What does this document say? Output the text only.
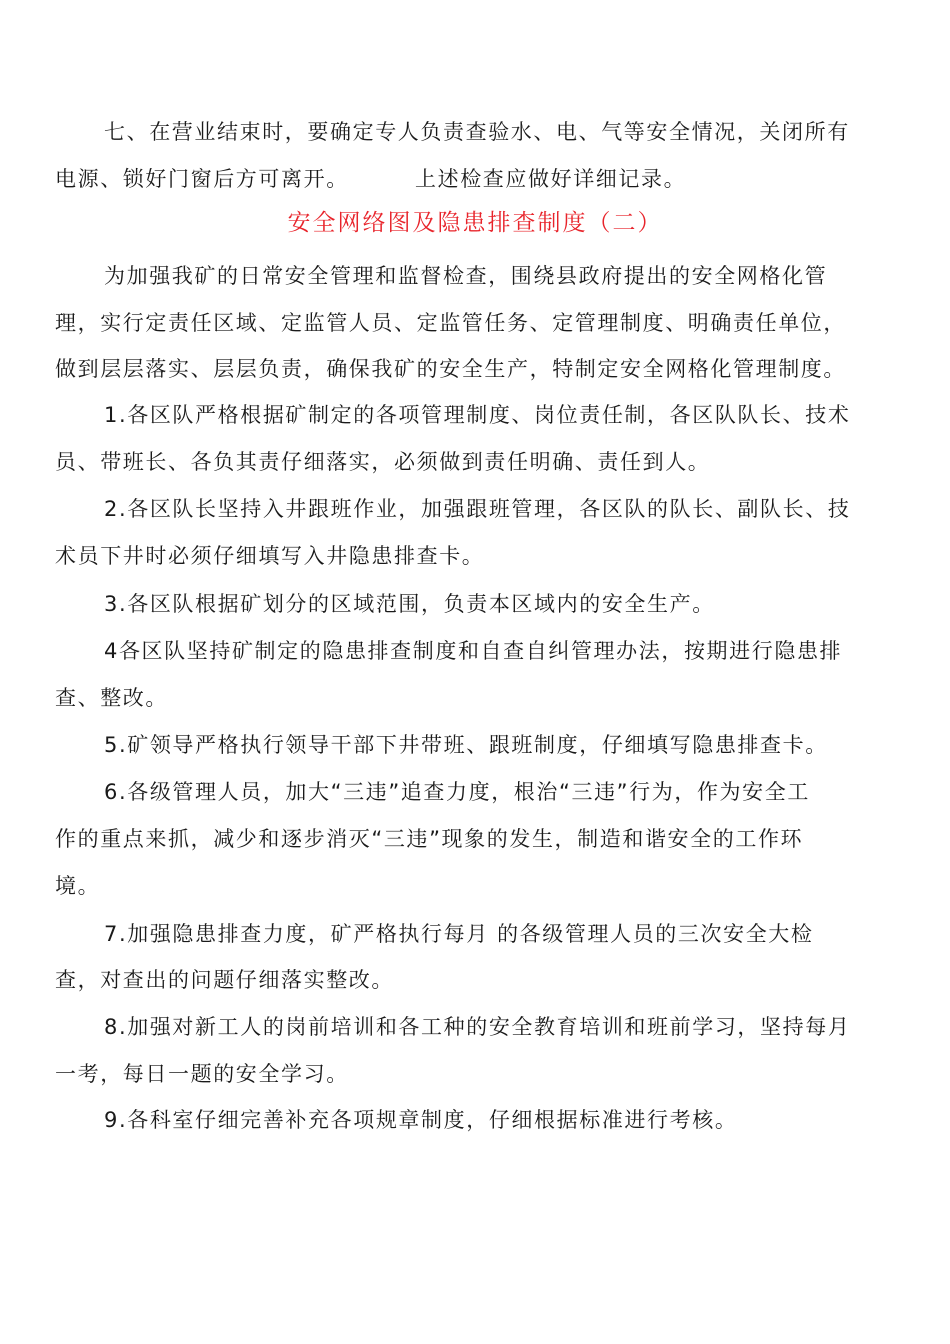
七、在营业结束时，要确定专人负责查验水、电、气等安全情况，关闭所有
电源、锁好门窗后方可离开。        上述检查应做好详细记录。
安全网络图及隐患排查制度（二）
为加强我矿的日常安全管理和监督检查，围绕县政府提出的安全网格化管
理，实行定责任区域、定监管人员、定监管任务、定管理制度、明确责任单位，
做到层层落实、层层负责，确保我矿的安全生产，特制定安全网格化管理制度。
1.各区队严格根据矿制定的各项管理制度、岗位责任制，各区队队长、技术
员、带班长、各负其责仔细落实，必须做到责任明确、责任到人。
2.各区队长坚持入井跟班作业，加强跟班管理，各区队的队长、副队长、技
术员下井时必须仔细填写入井隐患排查卡。
3.各区队根据矿划分的区域范围，负责本区域内的安全生产。
4各区队坚持矿制定的隐患排查制度和自查自纠管理办法，按期进行隐患排
查、整改。
5.矿领导严格执行领导干部下井带班、跟班制度，仔细填写隐患排查卡。
6.各级管理人员，加大“三违”追查力度，根治“三违”行为，作为安全工
作的重点来抓，减少和逐步消灭“三违”现象的发生，制造和谐安全的工作环
境。
7.加强隐患排查力度，矿严格执行每月 的各级管理人员的三次安全大检
查，对查出的问题仔细落实整改。
8.加强对新工人的岗前培训和各工种的安全教育培训和班前学习，坚持每月
一考，每日一题的安全学习。
9.各科室仔细完善补充各项规章制度，仔细根据标准进行考核。
